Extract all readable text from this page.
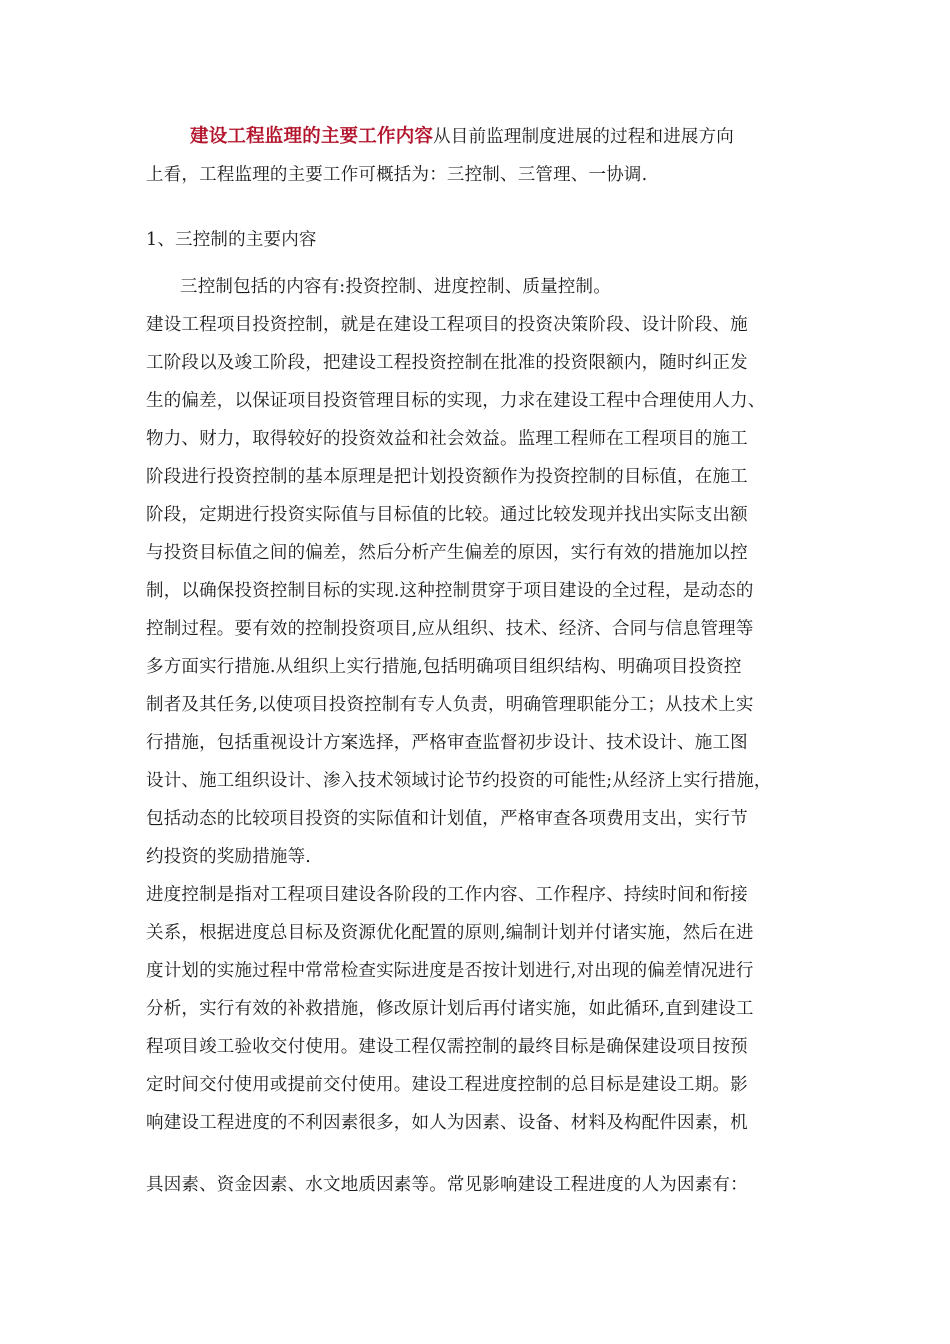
建设工程监理的主要工作内容从目前监理制度进展的过程和进展方向
上看，工程监理的主要工作可概括为：三控制、三管理、一协调.
1、三控制的主要内容
三控制包括的内容有:投资控制、进度控制、质量控制。
建设工程项目投资控制，就是在建设工程项目的投资决策阶段、设计阶段、施
工阶段以及竣工阶段，把建设工程投资控制在批准的投资限额内，随时纠正发
生的偏差，以保证项目投资管理目标的实现，力求在建设工程中合理使用人力、
物力、财力，取得较好的投资效益和社会效益。监理工程师在工程项目的施工
阶段进行投资控制的基本原理是把计划投资额作为投资控制的目标值，在施工
阶段，定期进行投资实际值与目标值的比较。通过比较发现并找出实际支出额
与投资目标值之间的偏差，然后分析产生偏差的原因，实行有效的措施加以控
制，以确保投资控制目标的实现.这种控制贯穿于项目建设的全过程，是动态的
控制过程。要有效的控制投资项目,应从组织、技术、经济、合同与信息管理等
多方面实行措施.从组织上实行措施,包括明确项目组织结构、明确项目投资控
制者及其任务,以使项目投资控制有专人负责，明确管理职能分工；从技术上实
行措施，包括重视设计方案选择，严格审查监督初步设计、技术设计、施工图
设计、施工组织设计、渗入技术领域讨论节约投资的可能性;从经济上实行措施，
包括动态的比较项目投资的实际值和计划值，严格审查各项费用支出，实行节
约投资的奖励措施等.
进度控制是指对工程项目建设各阶段的工作内容、工作程序、持续时间和衔接
关系，根据进度总目标及资源优化配置的原则,编制计划并付诸实施，然后在进
度计划的实施过程中常常检查实际进度是否按计划进行,对出现的偏差情况进行
分析，实行有效的补救措施，修改原计划后再付诸实施，如此循环,直到建设工
程项目竣工验收交付使用。建设工程仅需控制的最终目标是确保建设项目按预
定时间交付使用或提前交付使用。建设工程进度控制的总目标是建设工期。影
响建设工程进度的不利因素很多，如人为因素、设备、材料及构配件因素，机
具因素、资金因素、水文地质因素等。常见影响建设工程进度的人为因素有：
